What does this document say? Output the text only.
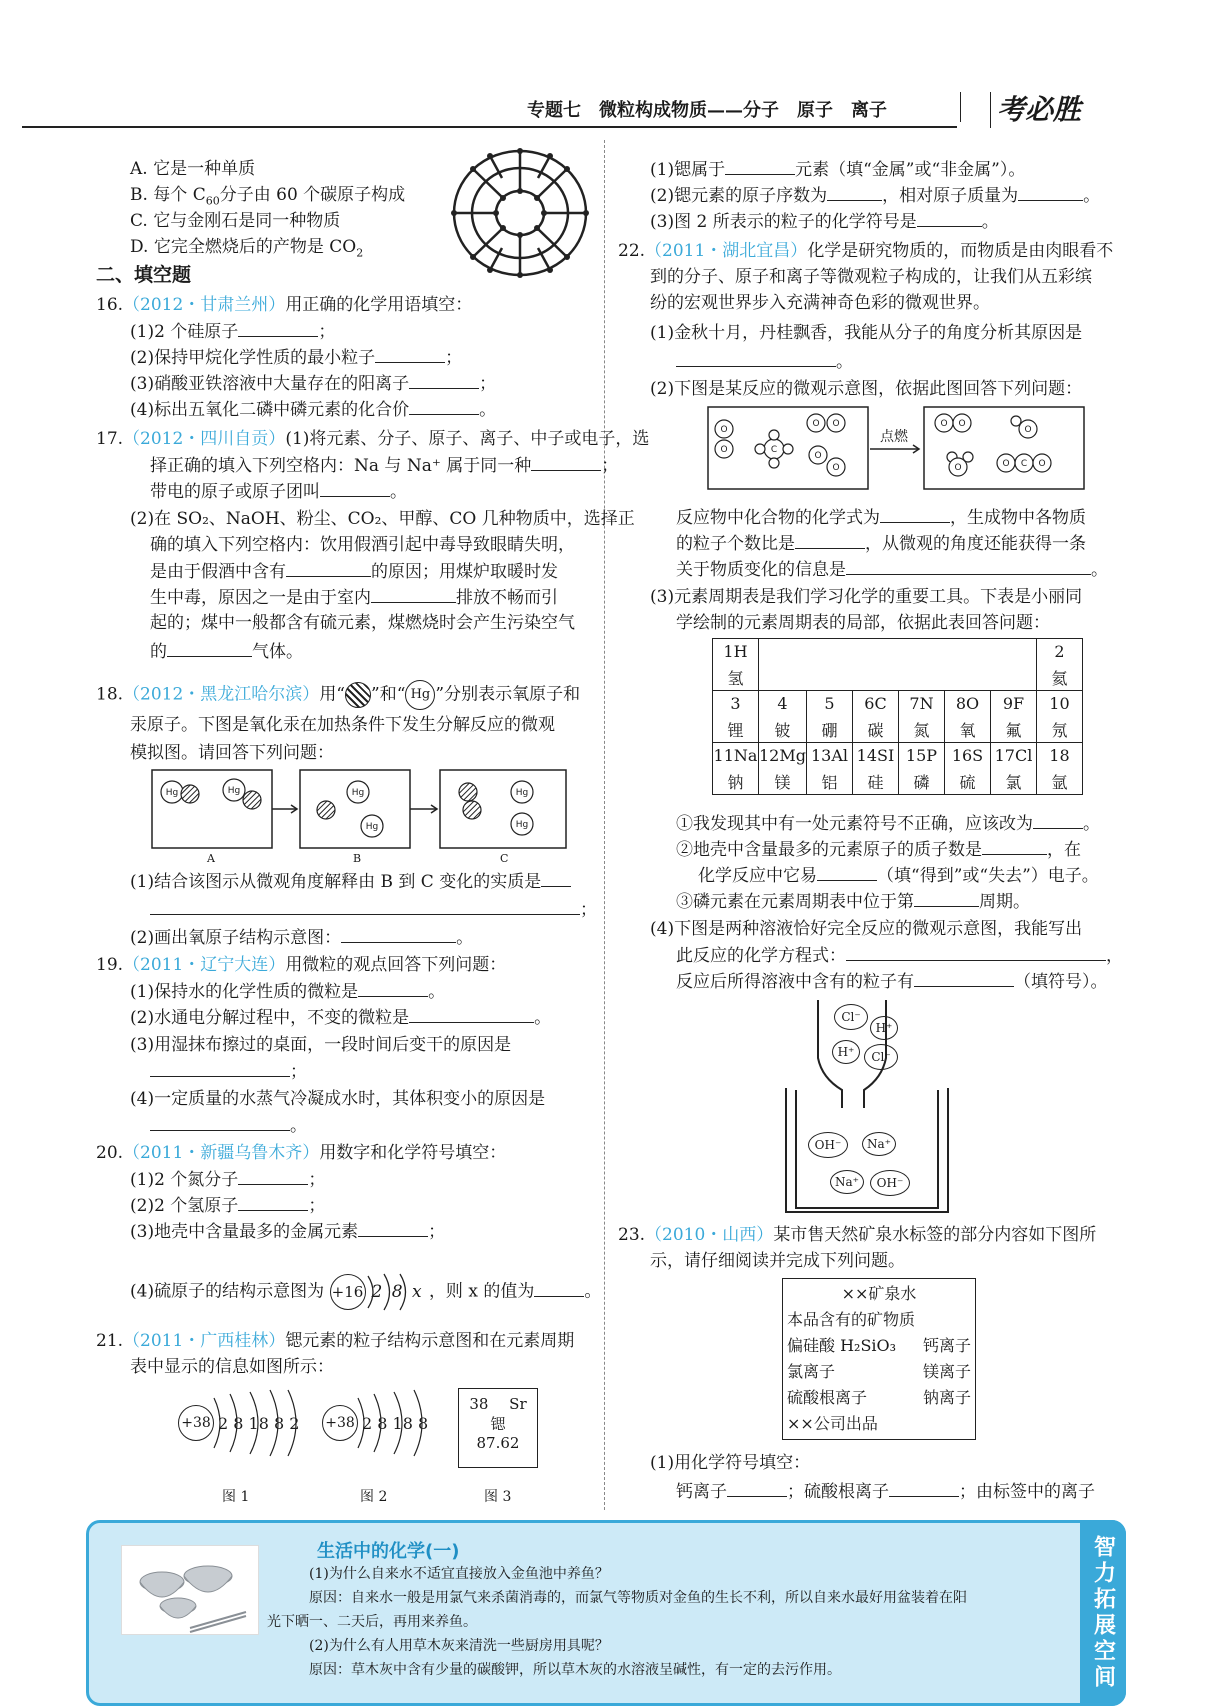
专题七　微粒构成物质——分子　原子　离子	考必胜
A. 它是一种单质
B. 每个 $C_{60}$分子由 60 个碳原子构成
C. 它与金刚石是同一种物质
D. 它完全燃烧后的产物是 $CO_2$
二、填空题
16.（2012・甘肃兰州）用正确的化学用语填空：
(1)2 个硅原子	；
(2)保持甲烷化学性质的最小粒子	；
(3)硝酸亚铁溶液中大量存在的阳离子	；
(4)标出五氧化二磷中磷元素的化合价	。
17.（2012・四川自贡）(1)将元素、分子、原子、离子、中子或电子，选
择正确的填入下列空格内：Na 与 Na⁺ 属于同一种	；
带电的原子或原子团叫	。
(2)在 SO₂、NaOH、粉尘、CO₂、甲醇、CO 几种物质中，选择正
确的填入下列空格内：饮用假酒引起中毒导致眼睛失明，
是由于假酒中含有	的原因；用煤炉取暖时发
生中毒，原因之一是由于室内	排放不畅而引
起的；煤中一般都含有硫元素，煤燃烧时会产生污染空气
的	气体。
18.（2012・黑龙江哈尔滨）用“ ”和“ Hg ”分别表示氧原子和
汞原子。下图是氧化汞在加热条件下发生分解反应的微观
模拟图。请回答下列问题：
Hg	Hg	Hg
Hg
Hg
Hg
A	B	C
(1)结合该图示从微观角度解释由 B 到 C 变化的实质是
；
(2)画出氧原子结构示意图：	。
19.（2011・辽宁大连）用微粒的观点回答下列问题：
(1)保持水的化学性质的微粒是	。
(2)水通电分解过程中，不变的微粒是	。
(3)用湿抹布擦过的桌面，一段时间后变干的原因是
；
(4)一定质量的水蒸气冷凝成水时，其体积变小的原因是
。
20.（2011・新疆乌鲁木齐）用数字和化学符号填空：
(1)2 个氮分子	；
(2)2 个氢原子	；
(3)地壳中含量最多的金属元素	；
(4)硫原子的结构示意图为 +16 2 8 x ，则 x 的值为	。
21.（2011・广西桂林）锶元素的粒子结构示意图和在元素周期
表中显示的信息如图所示：
+38 2 8 18 8 2 +38 2 8 18 8
38 Sr
锶
87.62
图 1	图 2	图 3
(1)锶属于	元素（填“金属”或“非金属”）。
(2)锶元素的原子序数为	，相对原子质量为	。
(3)图 2 所表示的粒子的化学符号是	。
22.（2011・湖北宜昌）化学是研究物质的，而物质是由肉眼看不
到的分子、原子和离子等微观粒子构成的，让我们从五彩缤
纷的宏观世界步入充满神奇色彩的微观世界。
(1)金秋十月，丹桂飘香，我能从分子的角度分析其原因是
。
(2)下图是某反应的微观示意图，依据此图回答下列问题：
O
O	C
O O
O
O
O O
O
O	O C O
点燃
反应物中化合物的化学式为	，生成物中各物质
的粒子个数比是	，从微观的角度还能获得一条
关于物质变化的信息是	。
(3)元素周期表是我们学习化学的重要工具。下表是小丽同
学绘制的元素周期表的局部，依据此表回答问题：
1H							2
氢							氦
3	4	5	6C	7N	8O	9F	10
锂	铍	硼	碳	氮	氧	氟	氖
11Na	12Mg	13Al	14SI	15P	16S	17Cl	18
钠	镁	铝	硅	磷	硫	氯	氩
①我发现其中有一处元素符号不正确，应该改为	。
②地壳中含量最多的元素原子的质子数是	，在
化学反应中它易	（填“得到”或“失去”）电子。
③磷元素在元素周期表中位于第	周期。
(4)下图是两种溶液恰好完全反应的微观示意图，我能写出
此反应的化学方程式：	，
反应后所得溶液中含有的粒子有	（填符号）。
Cl⁻
H⁺
H⁺ Cl⁻
OH⁻ Na⁺
Na⁺ OH⁻
23.（2010・山西）某市售天然矿泉水标签的部分内容如下图所
示，请仔细阅读并完成下列问题。
××矿泉水
本品含有的矿物质
偏硅酸 H₂SiO₃ 钙离子
氯离子	镁离子
硫酸根离子	钠离子
××公司出品
(1)用化学符号填空：
钙离子	；硫酸根离子	；由标签中的离子
生活中的化学(一)
(1)为什么自来水不适宜直接放入金鱼池中养鱼？
原因：自来水一般是用氯气来杀菌消毒的，而氯气等物质对金鱼的生长不利，所以自来水最好用盆装着在阳
光下晒一、二天后，再用来养鱼。
(2)为什么有人用草木灰来清洗一些厨房用具呢？
原因：草木灰中含有少量的碳酸钾，所以草木灰的水溶液呈碱性，有一定的去污作用。	智力拓展空间
